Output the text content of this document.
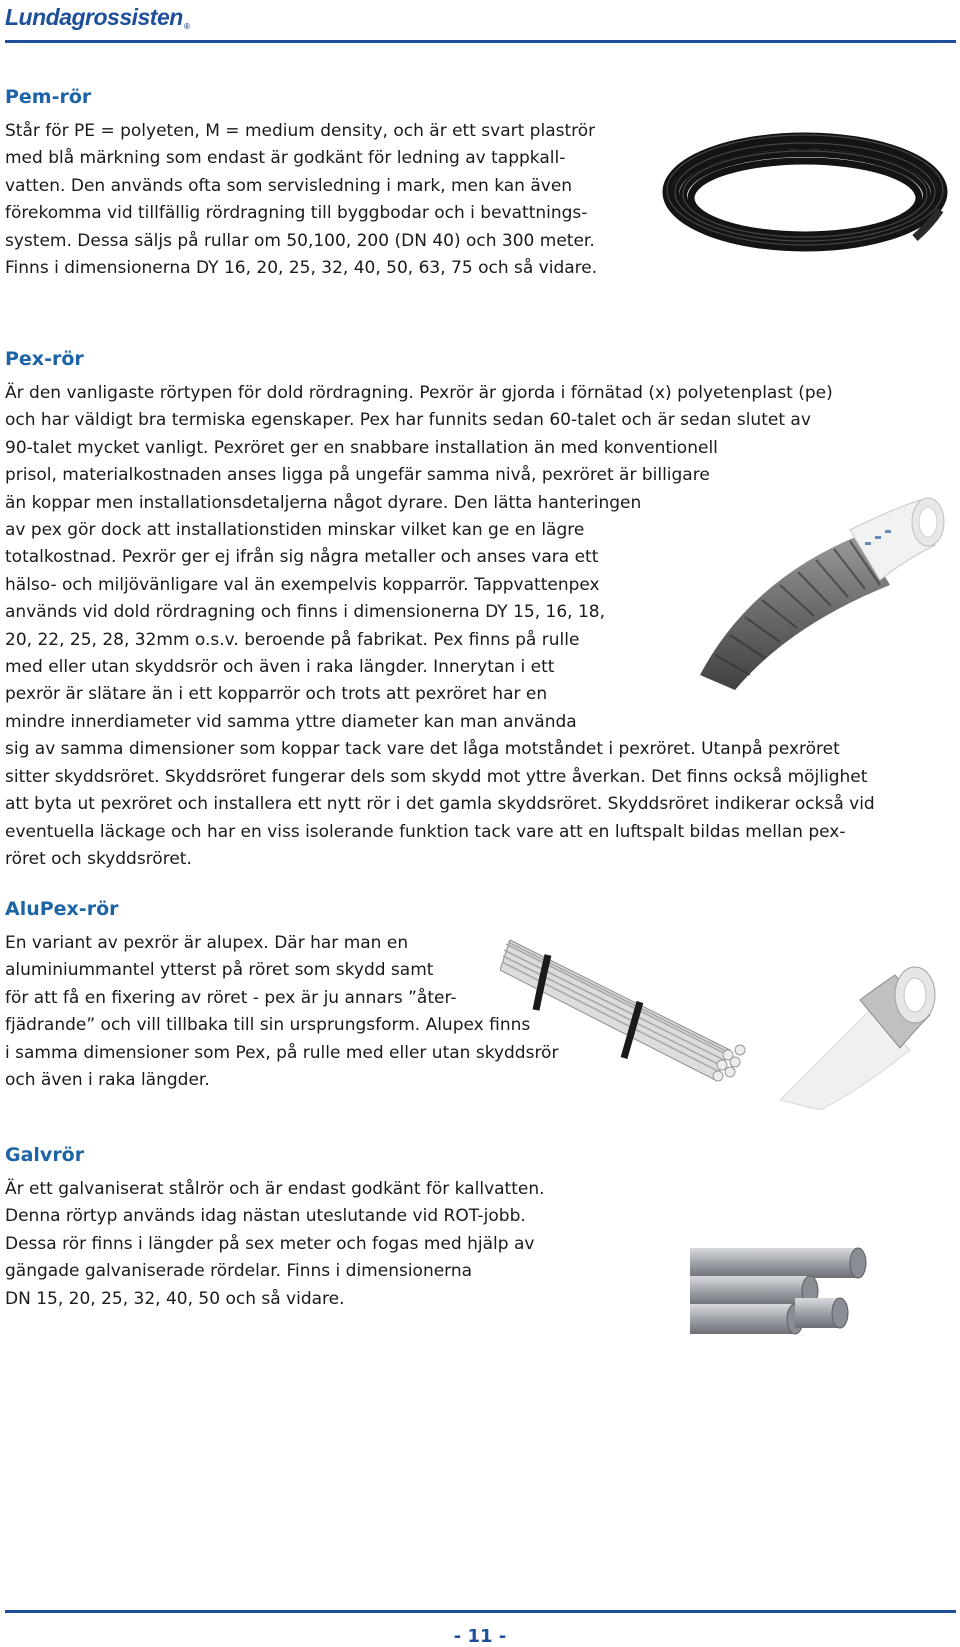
Lundagrossisten®
Pem-rör
Står för PE = polyeten, M = medium density, och är ett svart plaströr
med blå märkning som endast är godkänt för ledning av tappkall-
vatten. Den används ofta som servisledning i mark, men kan även
förekomma vid tillfällig rördragning till byggbodar och i bevattnings-
system. Dessa säljs på rullar om 50,100, 200 (DN 40) och 300 meter.
Finns i dimensionerna DY 16, 20, 25, 32, 40, 50, 63, 75 och så vidare.
Pex-rör
Är den vanligaste rörtypen för dold rördragning. Pexrör är gjorda i förnätad (x) polyetenplast (pe)
och har väldigt bra termiska egenskaper. Pex har funnits sedan 60-talet och är sedan slutet av
90-talet mycket vanligt. Pexröret ger en snabbare installation än med konventionell
prisol, materialkostnaden anses ligga på ungefär samma nivå, pexröret är billigare
än koppar men installationsdetaljerna något dyrare. Den lätta hanteringen
av pex gör dock att installationstiden minskar vilket kan ge en lägre
totalkostnad. Pexrör ger ej ifrån sig några metaller och anses vara ett
hälso- och miljövänligare val än exempelvis kopparrör. Tappvattenpex
används vid dold rördragning och finns i dimensionerna DY 15, 16, 18,
20, 22, 25, 28, 32mm o.s.v. beroende på fabrikat. Pex finns på rulle
med eller utan skyddsrör och även i raka längder. Innerytan i ett
pexrör är slätare än i ett kopparrör och trots att pexröret har en
mindre innerdiameter vid samma yttre diameter kan man använda
sig av samma dimensioner som koppar tack vare det låga motståndet i pexröret. Utanpå pexröret
sitter skyddsröret. Skyddsröret fungerar dels som skydd mot yttre åverkan. Det finns också möjlighet
att byta ut pexröret och installera ett nytt rör i det gamla skyddsröret. Skyddsröret indikerar också vid
eventuella läckage och har en viss isolerande funktion tack vare att en luftspalt bildas mellan pex-
röret och skyddsröret.
AluPex-rör
En variant av pexrör är alupex. Där har man en
aluminiummantel ytterst på röret som skydd samt
för att få en fixering av röret - pex är ju annars ”åter-
fjädrande” och vill tillbaka till sin ursprungsform. Alupex finns
i samma dimensioner som Pex, på rulle med eller utan skyddsrör
och även i raka längder.
Galvrör
Är ett galvaniserat stålrör och är endast godkänt för kallvatten.
Denna rörtyp används idag nästan uteslutande vid ROT-jobb.
Dessa rör finns i längder på sex meter och fogas med hjälp av
gängade galvaniserade rördelar. Finns i dimensionerna
DN 15, 20, 25, 32, 40, 50 och så vidare.
- 11 -
